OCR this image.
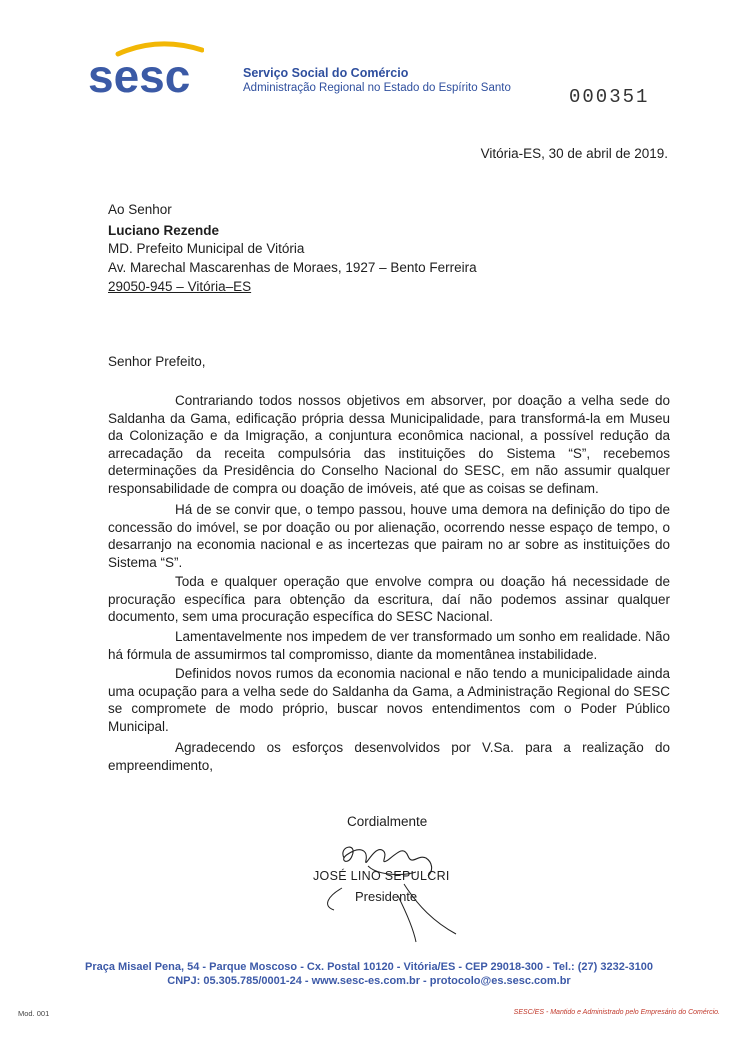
sesc	Serviço Social do Comércio
Administração Regional no Estado do Espírito Santo	000351
Vitória-ES, 30 de abril de 2019.
Ao Senhor
Luciano Rezende
MD. Prefeito Municipal de Vitória
Av. Marechal Mascarenhas de Moraes, 1927 – Bento Ferreira
29050-945 – Vitória–ES
Senhor Prefeito,

Contrariando todos nossos objetivos em absorver, por doação a velha sede do Saldanha da Gama, edificação própria dessa Municipalidade, para transformá-la em Museu da Colonização e da Imigração, a conjuntura econômica nacional, a possível redução da arrecadação da receita compulsória das instituições do Sistema “S”, recebemos determinações da Presidência do Conselho Nacional do SESC, em não assumir qualquer responsabilidade de compra ou doação de imóveis, até que as coisas se definam.

Há de se convir que, o tempo passou, houve uma demora na definição do tipo de concessão do imóvel, se por doação ou por alienação, ocorrendo nesse espaço de tempo, o desarranjo na economia nacional e as incertezas que pairam no ar sobre as instituições do Sistema “S”.

Toda e qualquer operação que envolve compra ou doação há necessidade de procuração específica para obtenção da escritura, daí não podemos assinar qualquer documento, sem uma procuração específica do SESC Nacional.

Lamentavelmente nos impedem de ver transformado um sonho em realidade. Não há fórmula de assumirmos tal compromisso, diante da momentânea instabilidade.

Definidos novos rumos da economia nacional e não tendo a municipalidade ainda uma ocupação para a velha sede do Saldanha da Gama, a Administração Regional do SESC se compromete de modo próprio, buscar novos entendimentos com o Poder Público Municipal.

Agradecendo os esforços desenvolvidos por V.Sa. para a realização do empreendimento,

Cordialmente
JOSÉ LINO SEPULCRI
Presidente
Praça Misael Pena, 54 - Parque Moscoso - Cx. Postal 10120 - Vitória/ES - CEP 29018-300 - Tel.: (27) 3232-3100
CNPJ: 05.305.785/0001-24 - www.sesc-es.com.br - protocolo@es.sesc.com.br
Mod. 001	SESC/ES - Mantido e Administrado pelo Empresário do Comércio.
